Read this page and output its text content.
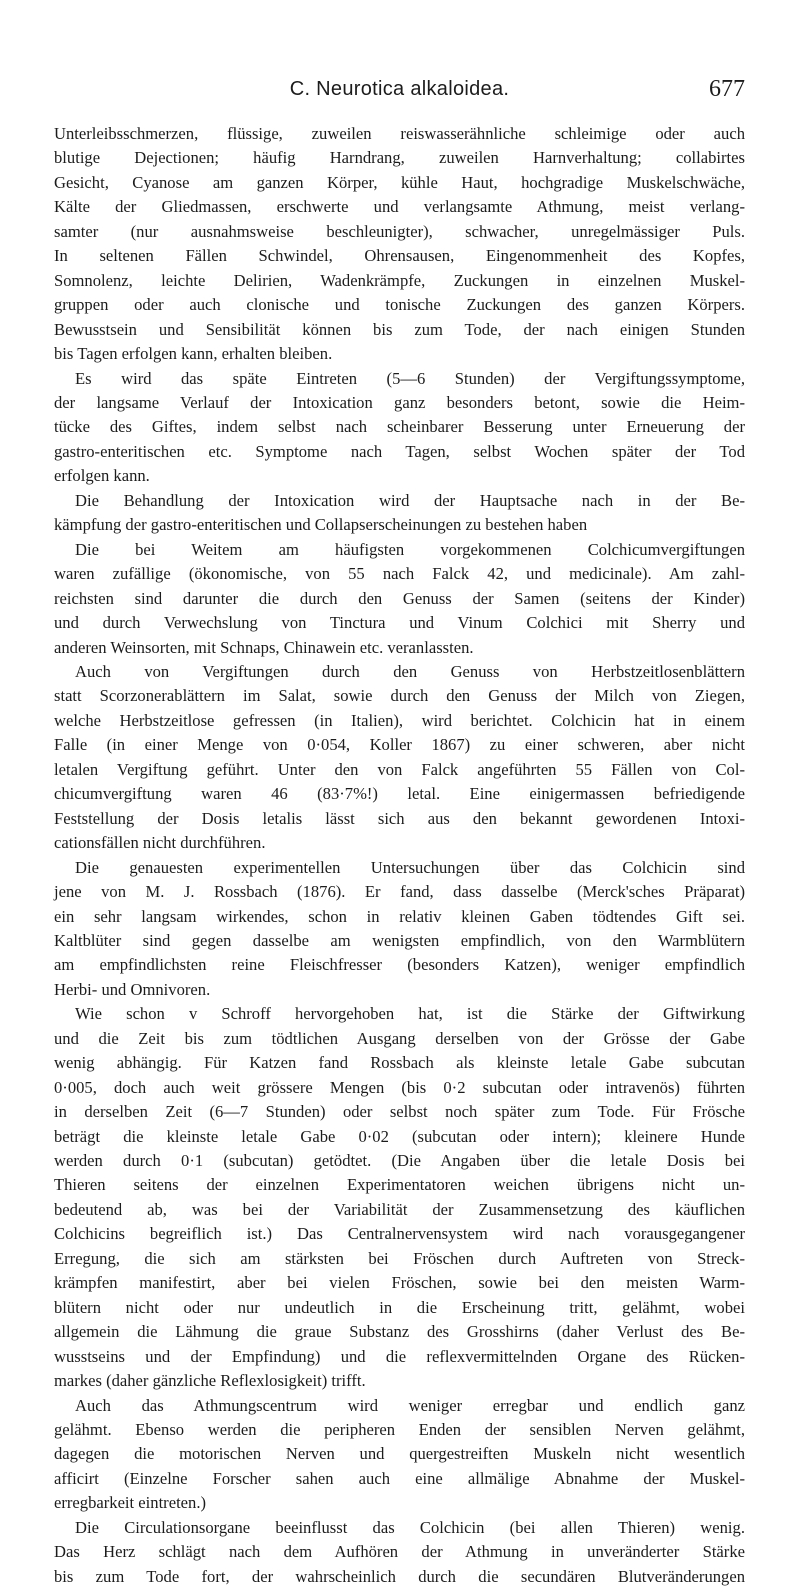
C. Neurotica alkaloidea.	677
Unterleibsschmerzen, flüssige, zuweilen reiswasserähnliche schleimige oder auch
blutige Dejectionen; häufig Harndrang, zuweilen Harnverhaltung; collabirtes
Gesicht, Cyanose am ganzen Körper, kühle Haut, hochgradige Muskelschwäche,
Kälte der Gliedmassen, erschwerte und verlangsamte Athmung, meist verlang-
samter (nur ausnahmsweise beschleunigter), schwacher, unregelmässiger Puls.
In seltenen Fällen Schwindel, Ohrensausen, Eingenommenheit des Kopfes,
Somnolenz, leichte Delirien, Wadenkrämpfe, Zuckungen in einzelnen Muskel-
gruppen oder auch clonische und tonische Zuckungen des ganzen Körpers.
Bewusstsein und Sensibilität können bis zum Tode, der nach einigen Stunden
bis Tagen erfolgen kann, erhalten bleiben.
Es wird das späte Eintreten (5—6 Stunden) der Vergiftungssymptome,
der langsame Verlauf der Intoxication ganz besonders betont, sowie die Heim-
tücke des Giftes, indem selbst nach scheinbarer Besserung unter Erneuerung der
gastro-enteritischen etc. Symptome nach Tagen, selbst Wochen später der Tod
erfolgen kann.
Die Behandlung der Intoxication wird der Hauptsache nach in der Be-
kämpfung der gastro-enteritischen und Collapserscheinungen zu bestehen haben
Die bei Weitem am häufigsten vorgekommenen Colchicumvergiftungen
waren zufällige (ökonomische, von 55 nach Falck 42, und medicinale). Am zahl-
reichsten sind darunter die durch den Genuss der Samen (seitens der Kinder)
und durch Verwechslung von Tinctura und Vinum Colchici mit Sherry und
anderen Weinsorten, mit Schnaps, Chinawein etc. veranlassten.
Auch von Vergiftungen durch den Genuss von Herbstzeitlosenblättern
statt Scorzonerablättern im Salat, sowie durch den Genuss der Milch von Ziegen,
welche Herbstzeitlose gefressen (in Italien), wird berichtet. Colchicin hat in einem
Falle (in einer Menge von 0·054, Koller 1867) zu einer schweren, aber nicht
letalen Vergiftung geführt. Unter den von Falck angeführten 55 Fällen von Col-
chicumvergiftung waren 46 (83·7%!) letal. Eine einigermassen befriedigende
Feststellung der Dosis letalis lässt sich aus den bekannt gewordenen Intoxi-
cationsfällen nicht durchführen.
Die genauesten experimentellen Untersuchungen über das Colchicin sind
jene von M. J. Rossbach (1876). Er fand, dass dasselbe (Merck'sches Präparat)
ein sehr langsam wirkendes, schon in relativ kleinen Gaben tödtendes Gift sei.
Kaltblüter sind gegen dasselbe am wenigsten empfindlich, von den Warmblütern
am empfindlichsten reine Fleischfresser (besonders Katzen), weniger empfindlich
Herbi- und Omnivoren.
Wie schon v Schroff hervorgehoben hat, ist die Stärke der Giftwirkung
und die Zeit bis zum tödtlichen Ausgang derselben von der Grösse der Gabe
wenig abhängig. Für Katzen fand Rossbach als kleinste letale Gabe subcutan
0·005, doch auch weit grössere Mengen (bis 0·2 subcutan oder intravenös) führten
in derselben Zeit (6—7 Stunden) oder selbst noch später zum Tode. Für Frösche
beträgt die kleinste letale Gabe 0·02 (subcutan oder intern); kleinere Hunde
werden durch 0·1 (subcutan) getödtet. (Die Angaben über die letale Dosis bei
Thieren seitens der einzelnen Experimentatoren weichen übrigens nicht un-
bedeutend ab, was bei der Variabilität der Zusammensetzung des käuflichen
Colchicins begreiflich ist.) Das Centralnervensystem wird nach vorausgegangener
Erregung, die sich am stärksten bei Fröschen durch Auftreten von Streck-
krämpfen manifestirt, aber bei vielen Fröschen, sowie bei den meisten Warm-
blütern nicht oder nur undeutlich in die Erscheinung tritt, gelähmt, wobei
allgemein die Lähmung die graue Substanz des Grosshirns (daher Verlust des Be-
wusstseins und der Empfindung) und die reflexvermittelnden Organe des Rücken-
markes (daher gänzliche Reflexlosigkeit) trifft.
Auch das Athmungscentrum wird weniger erregbar und endlich ganz
gelähmt. Ebenso werden die peripheren Enden der sensiblen Nerven gelähmt,
dagegen die motorischen Nerven und quergestreiften Muskeln nicht wesentlich
afficirt (Einzelne Forscher sahen auch eine allmälige Abnahme der Muskel-
erregbarkeit eintreten.)
Die Circulationsorgane beeinflusst das Colchicin (bei allen Thieren) wenig.
Das Herz schlägt nach dem Aufhören der Athmung in unveränderter Stärke
bis zum Tode fort, der wahrscheinlich durch die secundären Blutveränderungen
